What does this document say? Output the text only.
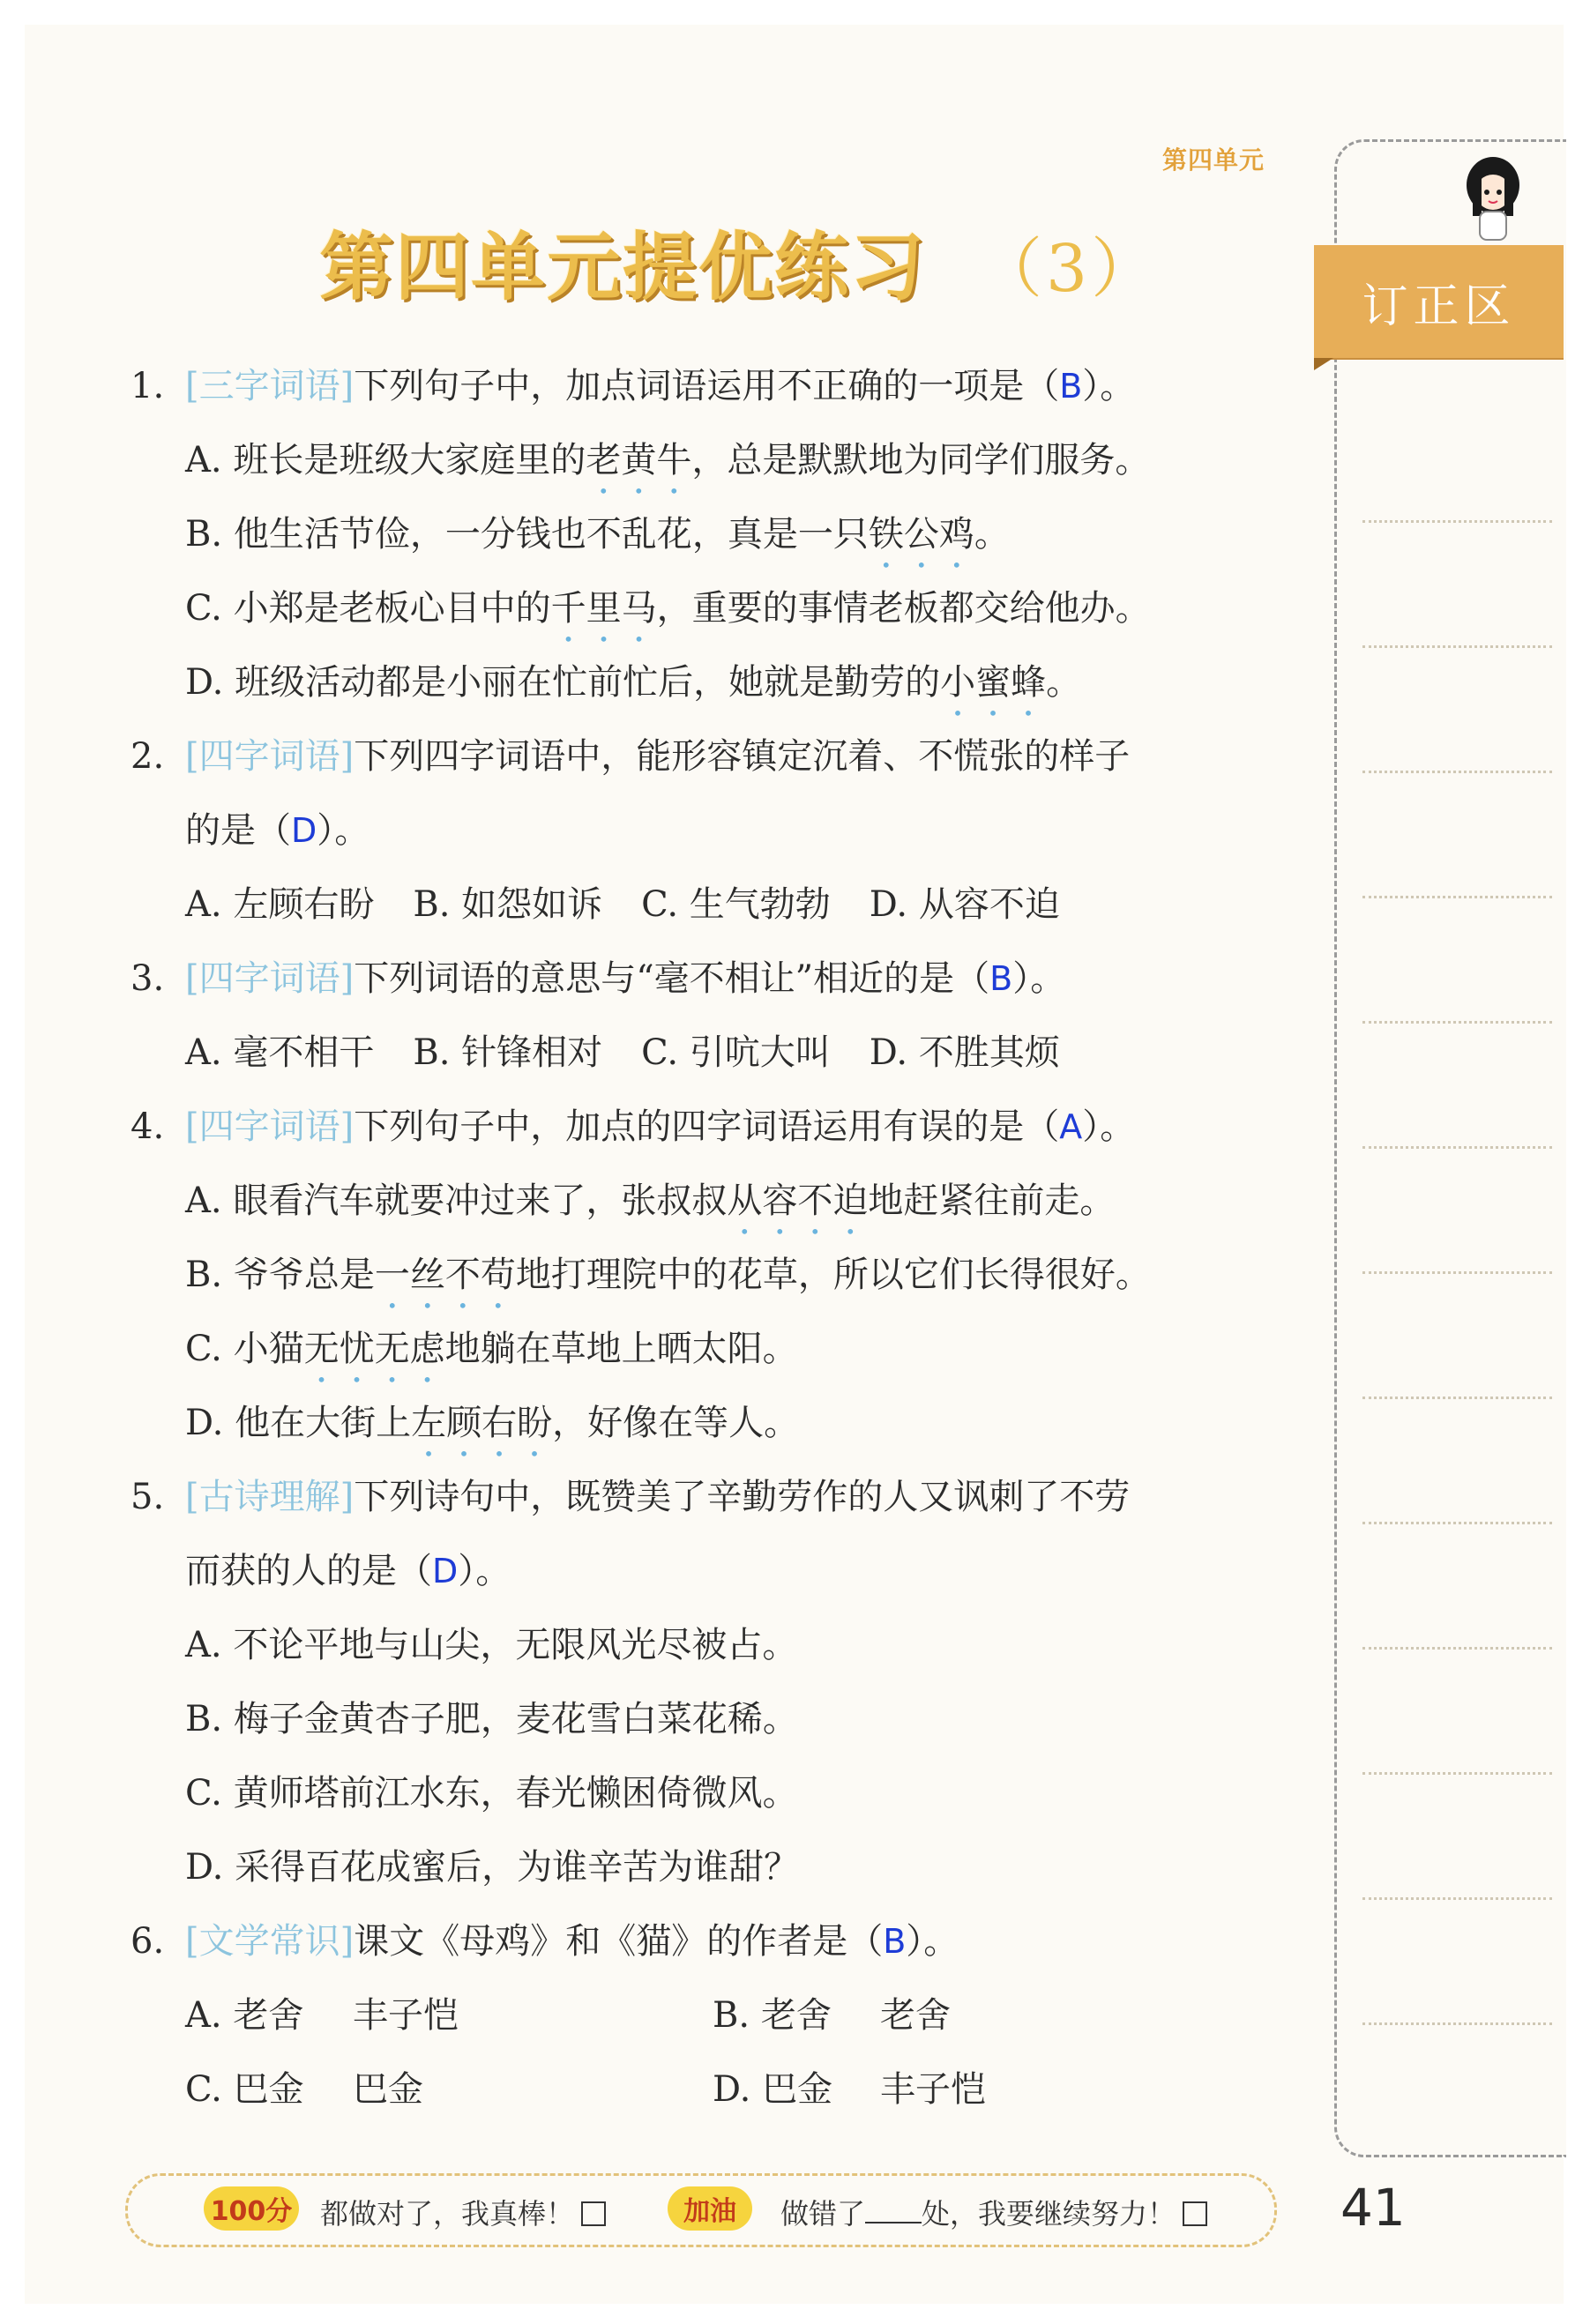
第四单元
第四单元提优练习 （3）	订正区
1. [三字词语]下列句子中，加点词语运用不正确的一项是（B）。
A. 班长是班级大家庭里的老黄牛，总是默默地为同学们服务。
B. 他生活节俭，一分钱也不乱花，真是一只铁公鸡。
C. 小郑是老板心目中的千里马，重要的事情老板都交给他办。
D. 班级活动都是小丽在忙前忙后，她就是勤劳的小蜜蜂。
2. [四字词语]下列四字词语中，能形容镇定沉着、不慌张的样子
的是（D）。
A. 左顾右盼 B. 如怨如诉 C. 生气勃勃 D. 从容不迫
3. [四字词语]下列词语的意思与“毫不相让”相近的是（B）。
A. 毫不相干 B. 针锋相对 C. 引吭大叫 D. 不胜其烦
4. [四字词语]下列句子中，加点的四字词语运用有误的是（A）。
A. 眼看汽车就要冲过来了，张叔叔从容不迫地赶紧往前走。
B. 爷爷总是一丝不苟地打理院中的花草，所以它们长得很好。
C. 小猫无忧无虑地躺在草地上晒太阳。
D. 他在大街上左顾右盼，好像在等人。
5. [古诗理解]下列诗句中，既赞美了辛勤劳作的人又讽刺了不劳
而获的人的是（D）。
A. 不论平地与山尖，无限风光尽被占。
B. 梅子金黄杏子肥，麦花雪白菜花稀。
C. 黄师塔前江水东，春光懒困倚微风。
D. 采得百花成蜜后，为谁辛苦为谁甜？
6. [文学常识]课文《母鸡》和《猫》的作者是（B）。
A. 老舍 丰子恺	B. 老舍 老舍
C. 巴金 巴金	D. 巴金 丰子恺
100分 都做对了，我真棒！	加油	做错了 处，我要继续努力！	41
